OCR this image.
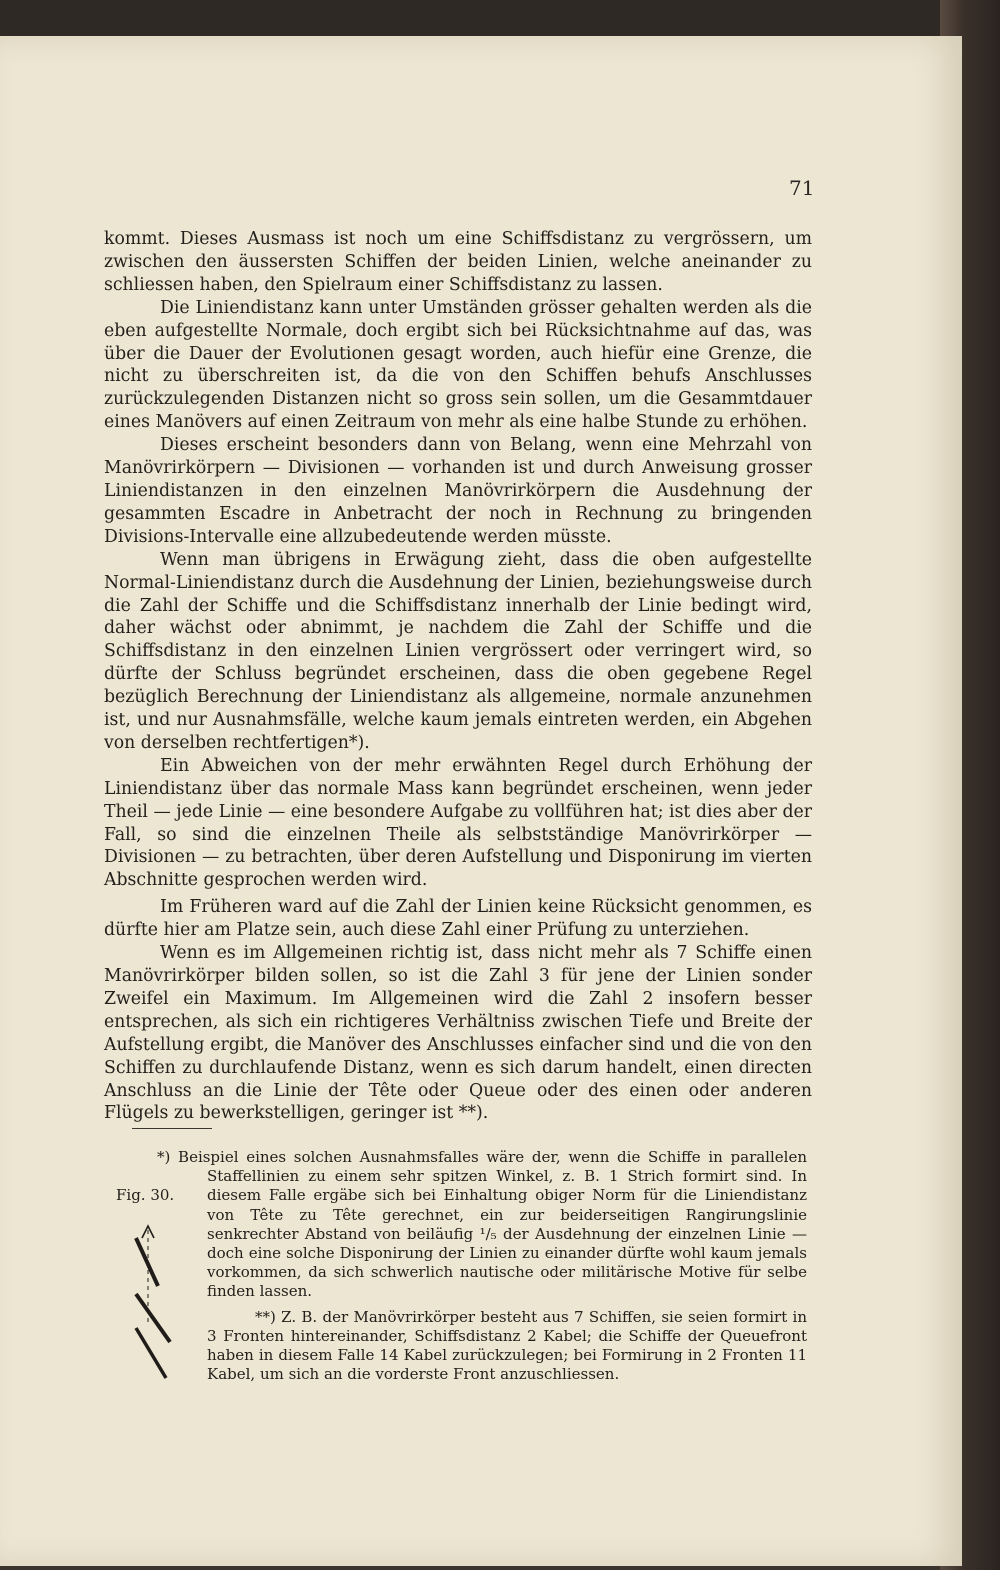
71

kommt. Dieses Ausmass ist noch um eine Schiffsdistanz zu vergrössern, um zwischen den äussersten Schiffen der beiden Linien, welche aneinander zu schliessen haben, den Spielraum einer Schiffsdistanz zu lassen.

Die Liniendistanz kann unter Umständen grösser gehalten werden als die eben aufgestellte Normale, doch ergibt sich bei Rücksichtnahme auf das, was über die Dauer der Evolutionen gesagt worden, auch hiefür eine Grenze, die nicht zu überschreiten ist, da die von den Schiffen behufs Anschlusses zurückzulegenden Distanzen nicht so gross sein sollen, um die Gesammtdauer eines Manövers auf einen Zeitraum von mehr als eine halbe Stunde zu erhöhen.

Dieses erscheint besonders dann von Belang, wenn eine Mehrzahl von Manövrirkörpern — Divisionen — vorhanden ist und durch Anweisung grosser Liniendistanzen in den einzelnen Manövrirkörpern die Ausdehnung der gesammten Escadre in Anbetracht der noch in Rechnung zu bringenden Divisions-Intervalle eine allzubedeutende werden müsste.

Wenn man übrigens in Erwägung zieht, dass die oben aufgestellte Normal-Liniendistanz durch die Ausdehnung der Linien, beziehungsweise durch die Zahl der Schiffe und die Schiffsdistanz innerhalb der Linie bedingt wird, daher wächst oder abnimmt, je nachdem die Zahl der Schiffe und die Schiffsdistanz in den einzelnen Linien vergrössert oder verringert wird, so dürfte der Schluss begründet erscheinen, dass die oben gegebene Regel bezüglich Berechnung der Liniendistanz als allgemeine, normale anzunehmen ist, und nur Ausnahmsfälle, welche kaum jemals eintreten werden, ein Abgehen von derselben rechtfertigen*).

Ein Abweichen von der mehr erwähnten Regel durch Erhöhung der Liniendistanz über das normale Mass kann begründet erscheinen, wenn jeder Theil — jede Linie — eine besondere Aufgabe zu vollführen hat; ist dies aber der Fall, so sind die einzelnen Theile als selbstständige Manövrirkörper — Divisionen — zu betrachten, über deren Aufstellung und Disponirung im vierten Abschnitte gesprochen werden wird.

Im Früheren ward auf die Zahl der Linien keine Rücksicht genommen, es dürfte hier am Platze sein, auch diese Zahl einer Prüfung zu unterziehen.

Wenn es im Allgemeinen richtig ist, dass nicht mehr als 7 Schiffe einen Manövrirkörper bilden sollen, so ist die Zahl 3 für jene der Linien sonder Zweifel ein Maximum. Im Allgemeinen wird die Zahl 2 insofern besser entsprechen, als sich ein richtigeres Verhältniss zwischen Tiefe und Breite der Aufstellung ergibt, die Manöver des Anschlusses einfacher sind und die von den Schiffen zu durchlaufende Distanz, wenn es sich darum handelt, einen directen Anschluss an die Linie der Tête oder Queue oder des einen oder anderen Flügels zu bewerkstelligen, geringer ist **).

Fig. 30.

*) Beispiel eines solchen Ausnahmsfalles wäre der, wenn die Schiffe in parallelen Staffellinien zu einem sehr spitzen Winkel, z. B. 1 Strich formirt sind. In diesem Falle ergäbe sich bei Einhaltung obiger Norm für die Liniendistanz von Tête zu Tête gerechnet, ein zur beiderseitigen Rangirungslinie senkrechter Abstand von beiläufig ¹/₅ der Ausdehnung der einzelnen Linie — doch eine solche Disponirung der Linien zu einander dürfte wohl kaum jemals vorkommen, da sich schwerlich nautische oder militärische Motive für selbe finden lassen.

**) Z. B. der Manövrirkörper besteht aus 7 Schiffen, sie seien formirt in 3 Fronten hintereinander, Schiffsdistanz 2 Kabel; die Schiffe der Queuefront haben in diesem Falle 14 Kabel zurückzulegen; bei Formirung in 2 Fronten 11 Kabel, um sich an die vorderste Front anzuschliessen.
